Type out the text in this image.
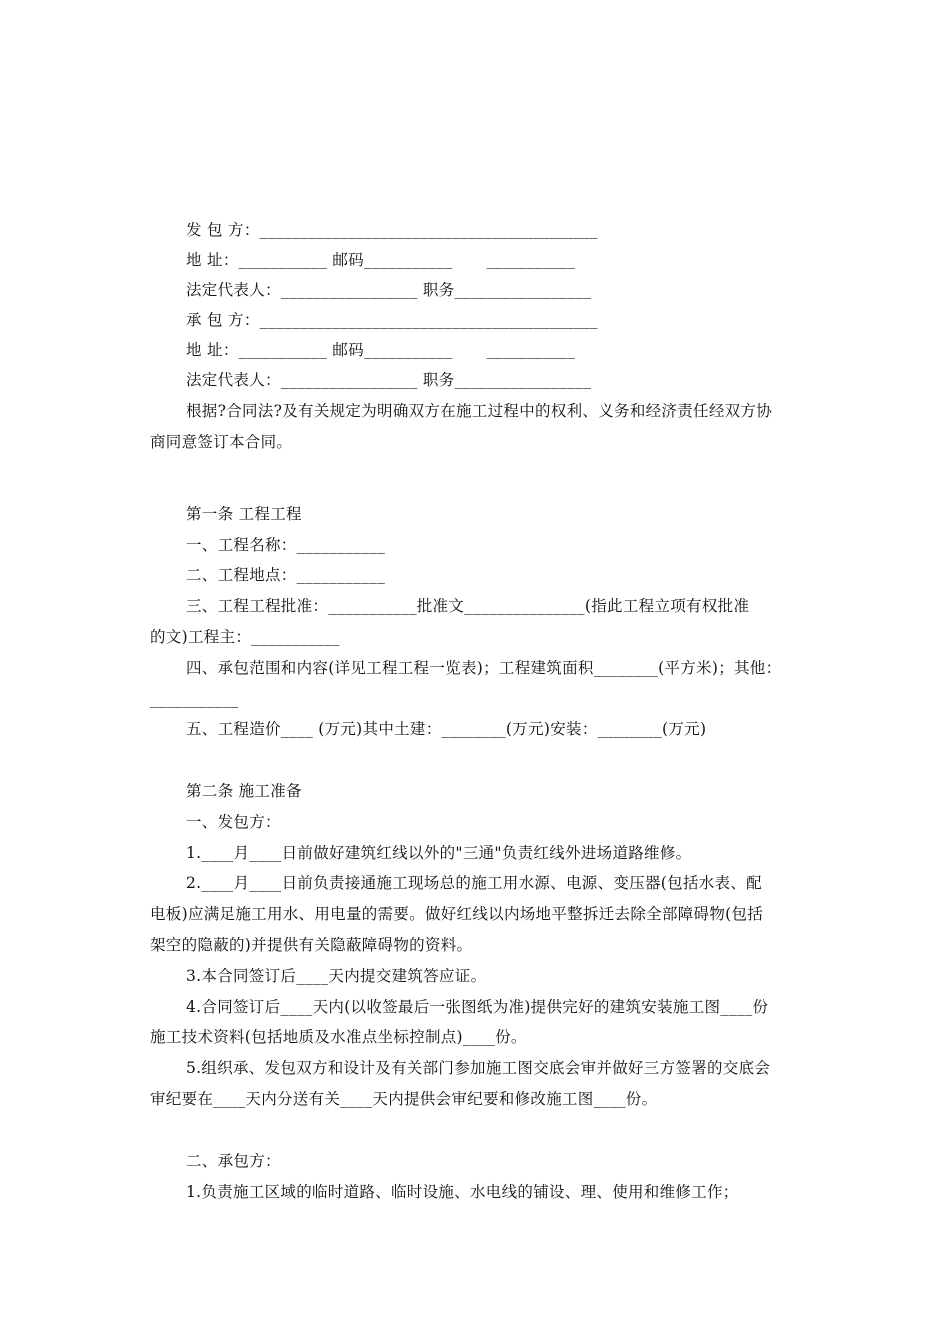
发 包 方：__________________________________________
地 址：___________ 邮码___________ ___________
法定代表人：_________________ 职务_________________
承 包 方：__________________________________________
地 址：___________ 邮码___________ ___________
法定代表人：_________________ 职务_________________
根据?合同法?及有关规定为明确双方在施工过程中的权利、义务和经济责任经双方协
商同意签订本合同。
第一条 工程工程
一、工程名称：___________
二、工程地点：___________
三、工程工程批准：___________批准文_______________(指此工程立项有权批准
的文)工程主：___________
四、承包范围和内容(详见工程工程一览表)；工程建筑面积________(平方米)；其他：
___________
五、工程造价____ (万元)其中土建：________(万元)安装：________(万元)
第二条 施工准备
一、发包方：
1.____月____日前做好建筑红线以外的"三通"负责红线外进场道路维修。
2.____月____日前负责接通施工现场总的施工用水源、电源、变压器(包括水表、配
电板)应满足施工用水、用电量的需要。做好红线以内场地平整拆迁去除全部障碍物(包括
架空的隐蔽的)并提供有关隐蔽障碍物的资料。
3.本合同签订后____天内提交建筑答应证。
4.合同签订后____天内(以收签最后一张图纸为准)提供完好的建筑安装施工图____份
施工技术资料(包括地质及水准点坐标控制点)____份。
5.组织承、发包双方和设计及有关部门参加施工图交底会审并做好三方签署的交底会
审纪要在____天内分送有关____天内提供会审纪要和修改施工图____份。
二、承包方：
1.负责施工区域的临时道路、临时设施、水电线的铺设、理、使用和维修工作；
